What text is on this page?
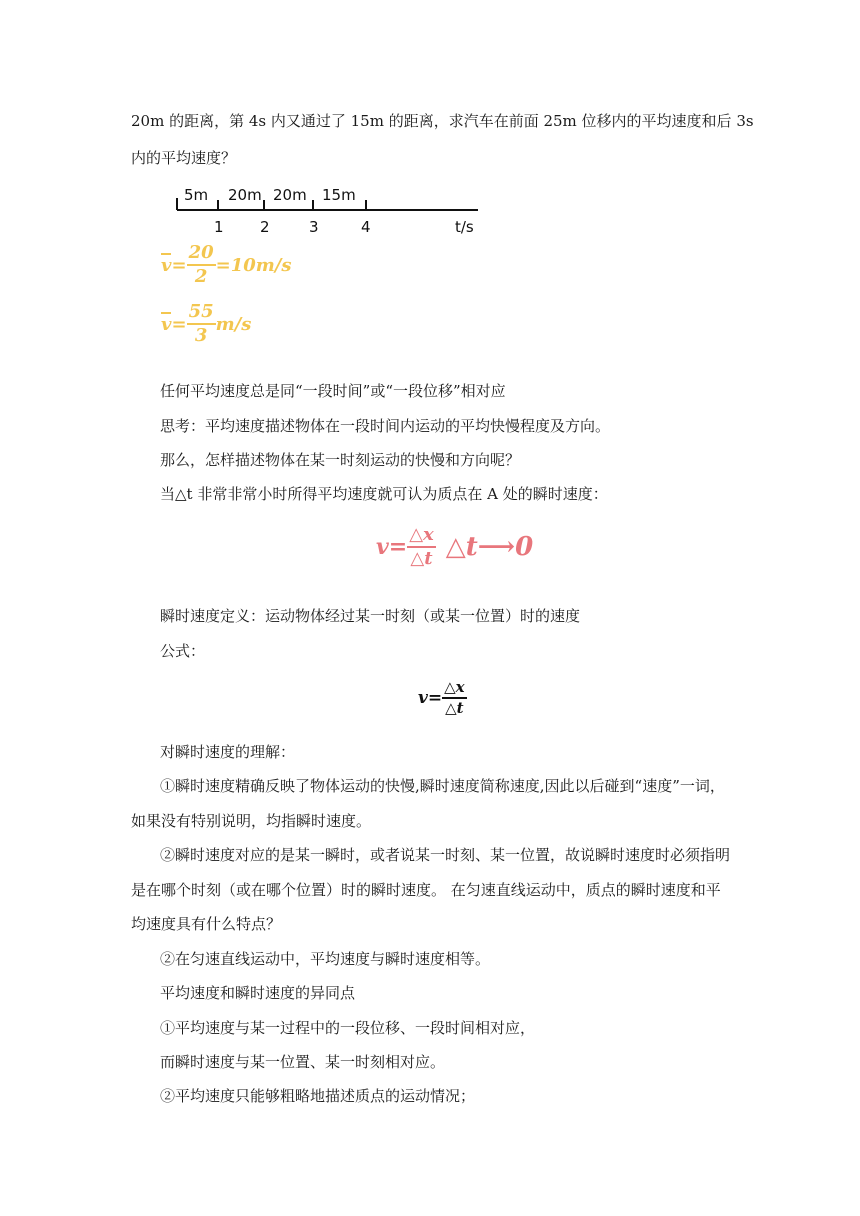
20m 的距离，第 4s 内又通过了 15m 的距离，求汽车在前面 25m 位移内的平均速度和后 3s
内的平均速度？
5m 20m 20m 15m
1 2	3	4	t/s
$v = \frac{20}{2} =10m/s$
$v = \frac{55}{3} m/s$
任何平均速度总是同“一段时间”或“一段位移”相对应
思考：平均速度描述物体在一段时间内运动的平均快慢程度及方向。
那么，怎样描述物体在某一时刻运动的快慢和方向呢？
当△t 非常非常小时所得平均速度就可认为质点在 A 处的瞬时速度：
$v= \frac{\triangle x}{\triangle t}$ △t⟶0
瞬时速度定义：运动物体经过某一时刻（或某一位置）时的速度
公式：
$v= \frac{\triangle x}{\triangle t}$
对瞬时速度的理解：
①瞬时速度精确反映了物体运动的快慢,瞬时速度简称速度,因此以后碰到“速度”一词，
如果没有特别说明，均指瞬时速度。
②瞬时速度对应的是某一瞬时，或者说某一时刻、某一位置，故说瞬时速度时必须指明
是在哪个时刻（或在哪个位置）时的瞬时速度。 在匀速直线运动中，质点的瞬时速度和平
均速度具有什么特点？
②在匀速直线运动中，平均速度与瞬时速度相等。
平均速度和瞬时速度的异同点
①平均速度与某一过程中的一段位移、一段时间相对应，
而瞬时速度与某一位置、某一时刻相对应。
②平均速度只能够粗略地描述质点的运动情况；
